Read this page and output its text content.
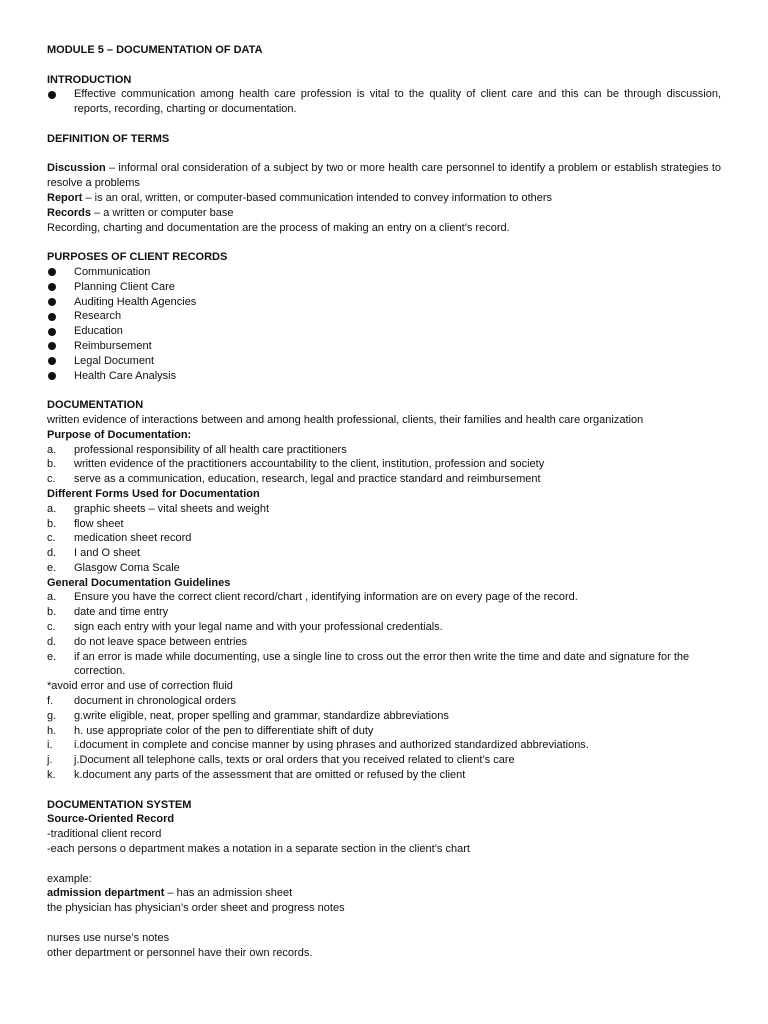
MODULE 5 – DOCUMENTATION OF DATA

INTRODUCTION

Effective communication among health care profession is vital to the quality of client care and this can be through discussion, reports, recording, charting or documentation.

DEFINITION OF TERMS

Discussion – informal oral consideration of a subject by two or more health care personnel to identify a problem or establish strategies to resolve a problems

Report – is an oral, written, or computer-based communication intended to convey information to others

Records – a written or computer base

Recording, charting and documentation are the process of making an entry on a client’s record.

PURPOSES OF CLIENT RECORDS

Communication
Planning Client Care
Auditing Health Agencies
Research
Education
Reimbursement
Legal Document
Health Care Analysis

DOCUMENTATION

written evidence of interactions between and among health professional, clients, their families and health care organization

Purpose of Documentation:

a.	professional responsibility of all health care practitioners
b.	written evidence of the practitioners accountability to the client, institution, profession and society
c.	serve as a communication, education, research, legal and practice standard and reimbursement

Different Forms Used for Documentation

a.	graphic sheets – vital sheets and weight
b.	flow sheet
c.	medication sheet record
d.	I and O sheet
e.	Glasgow Coma Scale

General Documentation Guidelines

a.	Ensure you have the correct client record/chart , identifying information are on every page of the record.
b.	date and time entry
c.	sign each entry with your legal name and with your professional credentials.
d.	do not leave space between entries
e.	if an error is made while documenting, use a single line to cross out the error then write the time and date and signature for the correction.

*avoid error and use of correction fluid

f.	document in chronological orders
g.	g.write eligible, neat, proper spelling and grammar, standardize abbreviations
h.	h. use appropriate color of the pen to differentiate shift of duty
i.	i.document in complete and concise manner by using phrases and authorized standardized abbreviations.
j.	j.Document all telephone calls, texts or oral orders that you received related to client’s care
k.	k.document any parts of the assessment that are omitted or refused by the client

DOCUMENTATION SYSTEM

Source-Oriented Record

-traditional client record

-each persons o department makes a notation in a separate section in the client’s chart

example:

admission department – has an admission sheet

the physician has physician’s order sheet and progress notes

nurses use nurse’s notes

other department or personnel have their own records.
